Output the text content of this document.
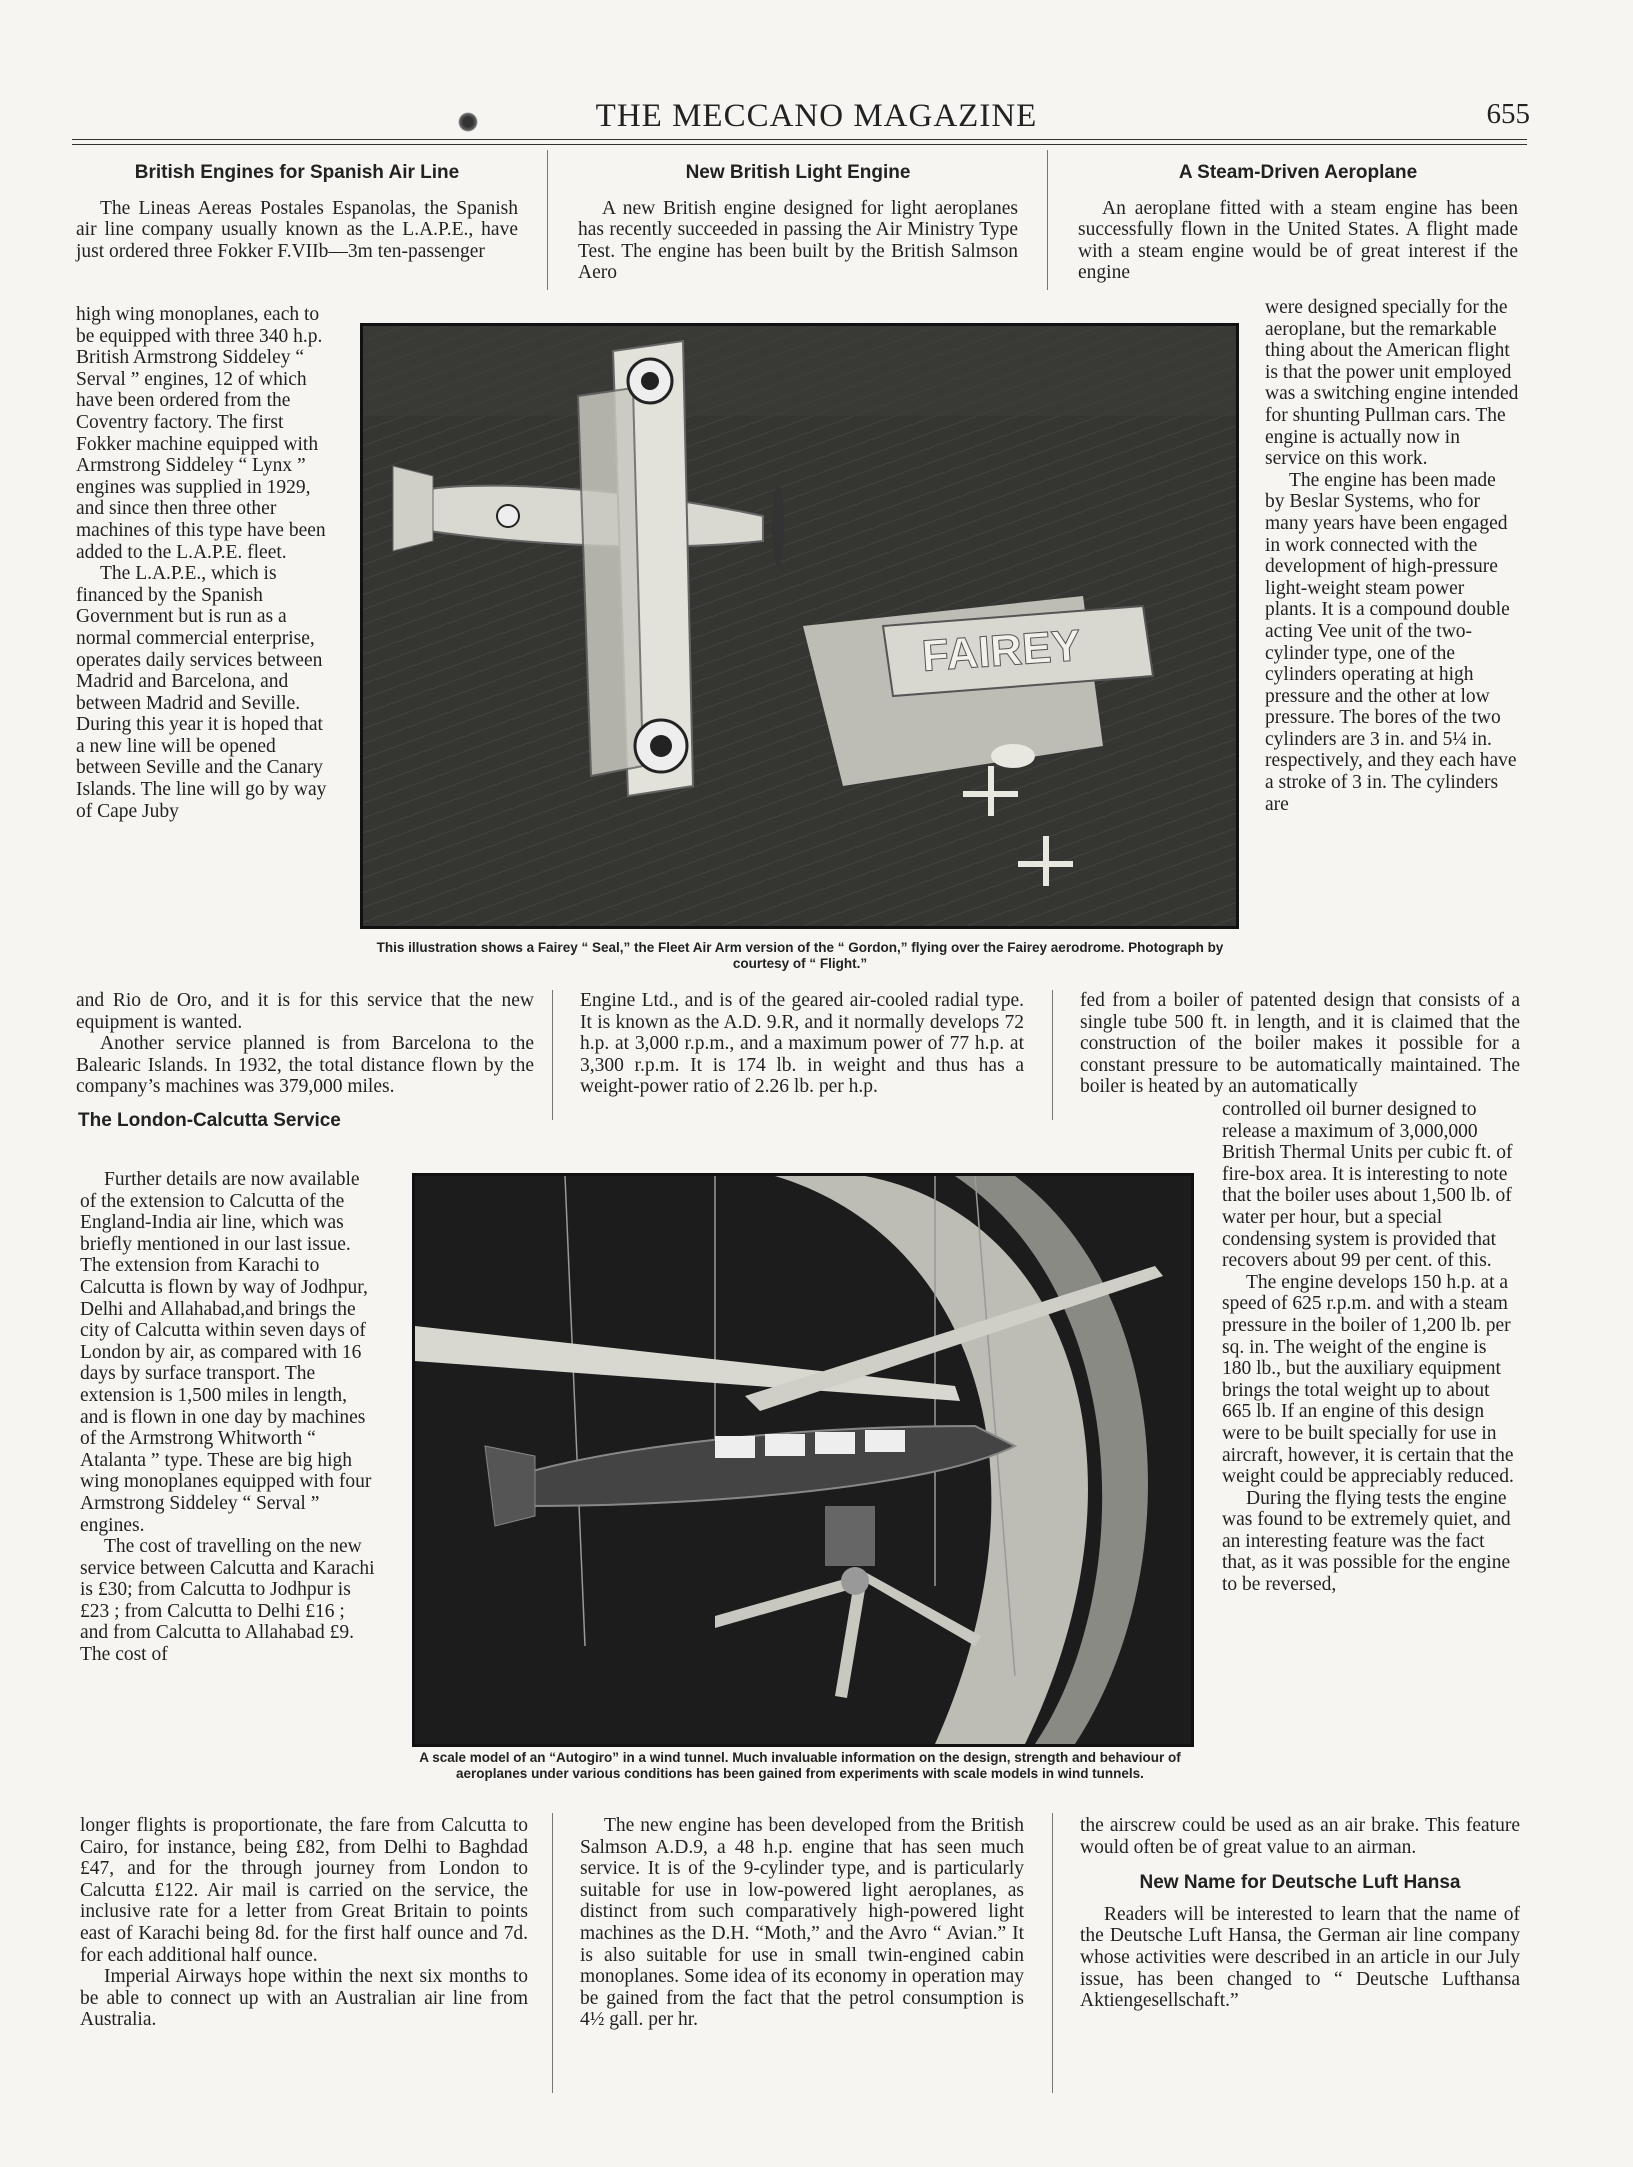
THE MECCANO MAGAZINE	655
British Engines for Spanish Air Line

The Lineas Aereas Postales Espanolas, the Spanish air line company usually known as the L.A.P.E., have just ordered three Fokker F.VIIb—3m ten-passenger

high wing monoplanes, each to be equipped with three 340 h.p. British Armstrong Siddeley “ Serval ” engines, 12 of which have been ordered from the Coventry factory. The first Fokker machine equipped with Armstrong Siddeley “ Lynx ” engines was supplied in 1929, and since then three other machines of this type have been added to the L.A.P.E. fleet.

The L.A.P.E., which is financed by the Spanish Government but is run as a normal commercial enterprise, operates daily services between Madrid and Barcelona, and between Madrid and Seville. During this year it is hoped that a new line will be opened between Seville and the Canary Islands. The line will go by way of Cape Juby

and Rio de Oro, and it is for this service that the new equipment is wanted.

Another service planned is from Barcelona to the Balearic Islands. In 1932, the total distance flown by the company’s machines was 379,000 miles.

The London-Calcutta Service

Further details are now available of the extension to Calcutta of the England-India air line, which was briefly mentioned in our last issue. The extension from Karachi to Calcutta is flown by way of Jodhpur, Delhi and Allahabad,and brings the city of Calcutta within seven days of London by air, as compared with 16 days by surface transport. The extension is 1,500 miles in length, and is flown in one day by machines of the Armstrong Whitworth “ Atalanta ” type. These are big high wing monoplanes equipped with four Armstrong Siddeley “ Serval ” engines.

The cost of travelling on the new service between Calcutta and Karachi is £30; from Calcutta to Jodhpur is £23 ; from Calcutta to Delhi £16 ; and from Calcutta to Allahabad £9. The cost of

longer flights is proportionate, the fare from Calcutta to Cairo, for instance, being £82, from Delhi to Baghdad £47, and for the through journey from London to Calcutta £122. Air mail is carried on the service, the inclusive rate for a letter from Great Britain to points east of Karachi being 8d. for the first half ounce and 7d. for each additional half ounce.

Imperial Airways hope within the next six months to be able to connect up with an Australian air line from Australia.

New British Light Engine

A new British engine designed for light aeroplanes has recently succeeded in passing the Air Ministry Type Test. The engine has been built by the British Salmson Aero

Engine Ltd., and is of the geared air-cooled radial type. It is known as the A.D. 9.R, and it normally develops 72 h.p. at 3,000 r.p.m., and a maximum power of 77 h.p. at 3,300 r.p.m. It is 174 lb. in weight and thus has a weight-power ratio of 2.26 lb. per h.p.

The new engine has been developed from the British Salmson A.D.9, a 48 h.p. engine that has seen much service. It is of the 9-cylinder type, and is particularly suitable for use in low-powered light aeroplanes, as distinct from such comparatively high-powered light machines as the D.H. “Moth,” and the Avro “ Avian.” It is also suitable for use in small twin-engined cabin monoplanes. Some idea of its economy in operation may be gained from the fact that the petrol consumption is 4½ gall. per hr.

A Steam-Driven Aeroplane

An aeroplane fitted with a steam engine has been successfully flown in the United States. A flight made with a steam engine would be of great interest if the engine

were designed specially for the aeroplane, but the remarkable thing about the American flight is that the power unit employed was a switching engine intended for shunting Pullman cars. The engine is actually now in service on this work.

The engine has been made by Beslar Systems, who for many years have been engaged in work connected with the development of high-pressure light-weight steam power plants. It is a compound double acting Vee unit of the two-cylinder type, one of the cylinders operating at high pressure and the other at low pressure. The bores of the two cylinders are 3 in. and 5¼ in. respectively, and they each have a stroke of 3 in. The cylinders are

fed from a boiler of patented design that consists of a single tube 500 ft. in length, and it is claimed that the construction of the boiler makes it possible for a constant pressure to be automatically maintained. The boiler is heated by an automatically

controlled oil burner designed to release a maximum of 3,000,000 British Thermal Units per cubic ft. of fire-box area. It is interesting to note that the boiler uses about 1,500 lb. of water per hour, but a special condensing system is provided that recovers about 99 per cent. of this.

The engine develops 150 h.p. at a speed of 625 r.p.m. and with a steam pressure in the boiler of 1,200 lb. per sq. in. The weight of the engine is 180 lb., but the auxiliary equipment brings the total weight up to about 665 lb. If an engine of this design were to be built specially for use in aircraft, however, it is certain that the weight could be appreciably reduced.

During the flying tests the engine was found to be extremely quiet, and an interesting feature was the fact that, as it was possible for the engine to be reversed,

the airscrew could be used as an air brake. This feature would often be of great value to an airman.

New Name for Deutsche Luft Hansa

Readers will be interested to learn that the name of the Deutsche Luft Hansa, the German air line company whose activities were described in an article in our July issue, has been changed to “ Deutsche Lufthansa Aktiengesellschaft.”

FAIREY
This illustration shows a Fairey “ Seal,” the Fleet Air Arm version of the “ Gordon,” flying over the Fairey aerodrome. Photograph by courtesy of “ Flight.”
A scale model of an “Autogiro” in a wind tunnel. Much invaluable information on the design, strength and behaviour of aeroplanes under various conditions has been gained from experiments with scale models in wind tunnels.
